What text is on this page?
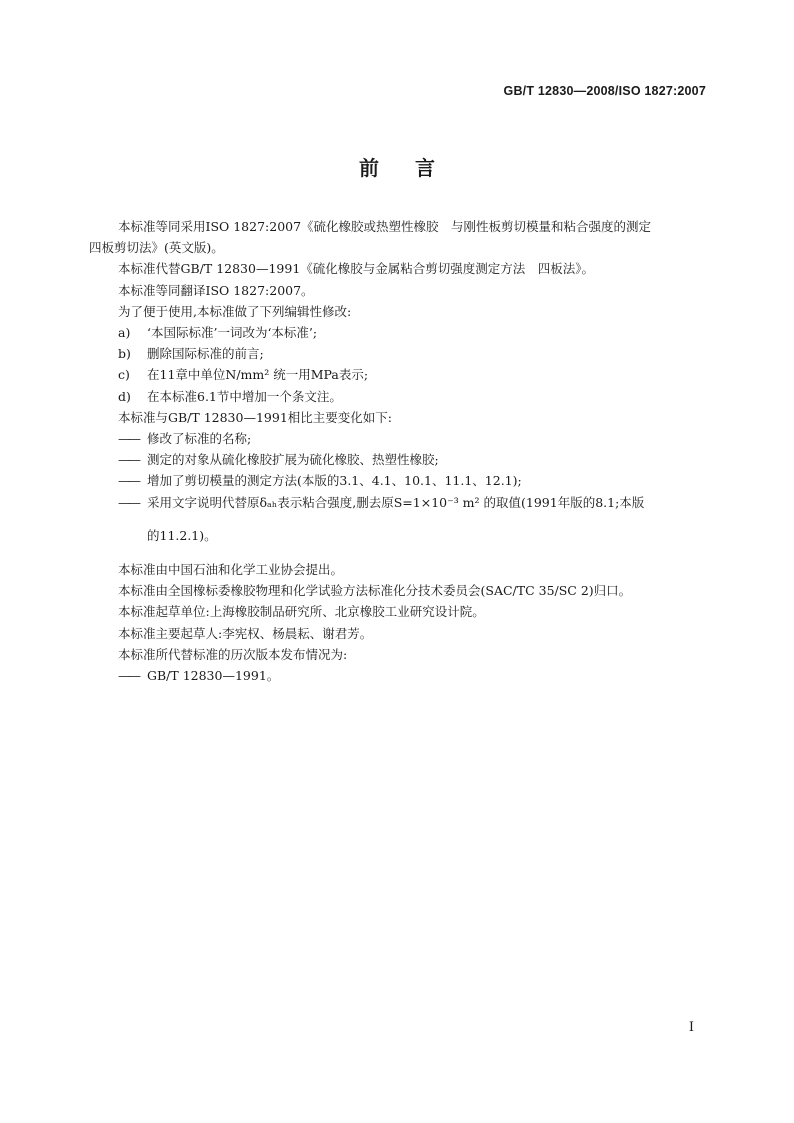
GB/T 12830—2008/ISO 1827:2007
前言

本标准等同采用ISO 1827:2007《硫化橡胶或热塑性橡胶　与刚性板剪切模量和粘合强度的测定

四板剪切法》(英文版)。

本标准代替GB/T 12830—1991《硫化橡胶与金属粘合剪切强度测定方法　四板法》。

本标准等同翻译ISO 1827:2007。

为了便于使用,本标准做了下列编辑性修改:

a) ‘本国际标准’一词改为‘本标准’;

b) 删除国际标准的前言;

c) 在11章中单位N/mm² 统一用MPa表示;

d) 在本标准6.1节中增加一个条文注。

本标准与GB/T 12830—1991相比主要变化如下:

—— 修改了标准的名称;

—— 测定的对象从硫化橡胶扩展为硫化橡胶、热塑性橡胶;

—— 增加了剪切模量的测定方法(本版的3.1、4.1、10.1、11.1、12.1);

—— 采用文字说明代替原δₐₕ表示粘合强度,删去原S=1×10⁻³ m² 的取值(1991年版的8.1;本版

的11.2.1)。

本标准由中国石油和化学工业协会提出。

本标准由全国橡标委橡胶物理和化学试验方法标准化分技术委员会(SAC/TC 35/SC 2)归口。

本标准起草单位:上海橡胶制品研究所、北京橡胶工业研究设计院。

本标准主要起草人:李宪权、杨晨耘、谢君芳。

本标准所代替标准的历次版本发布情况为:

—— GB/T 12830—1991。

I
